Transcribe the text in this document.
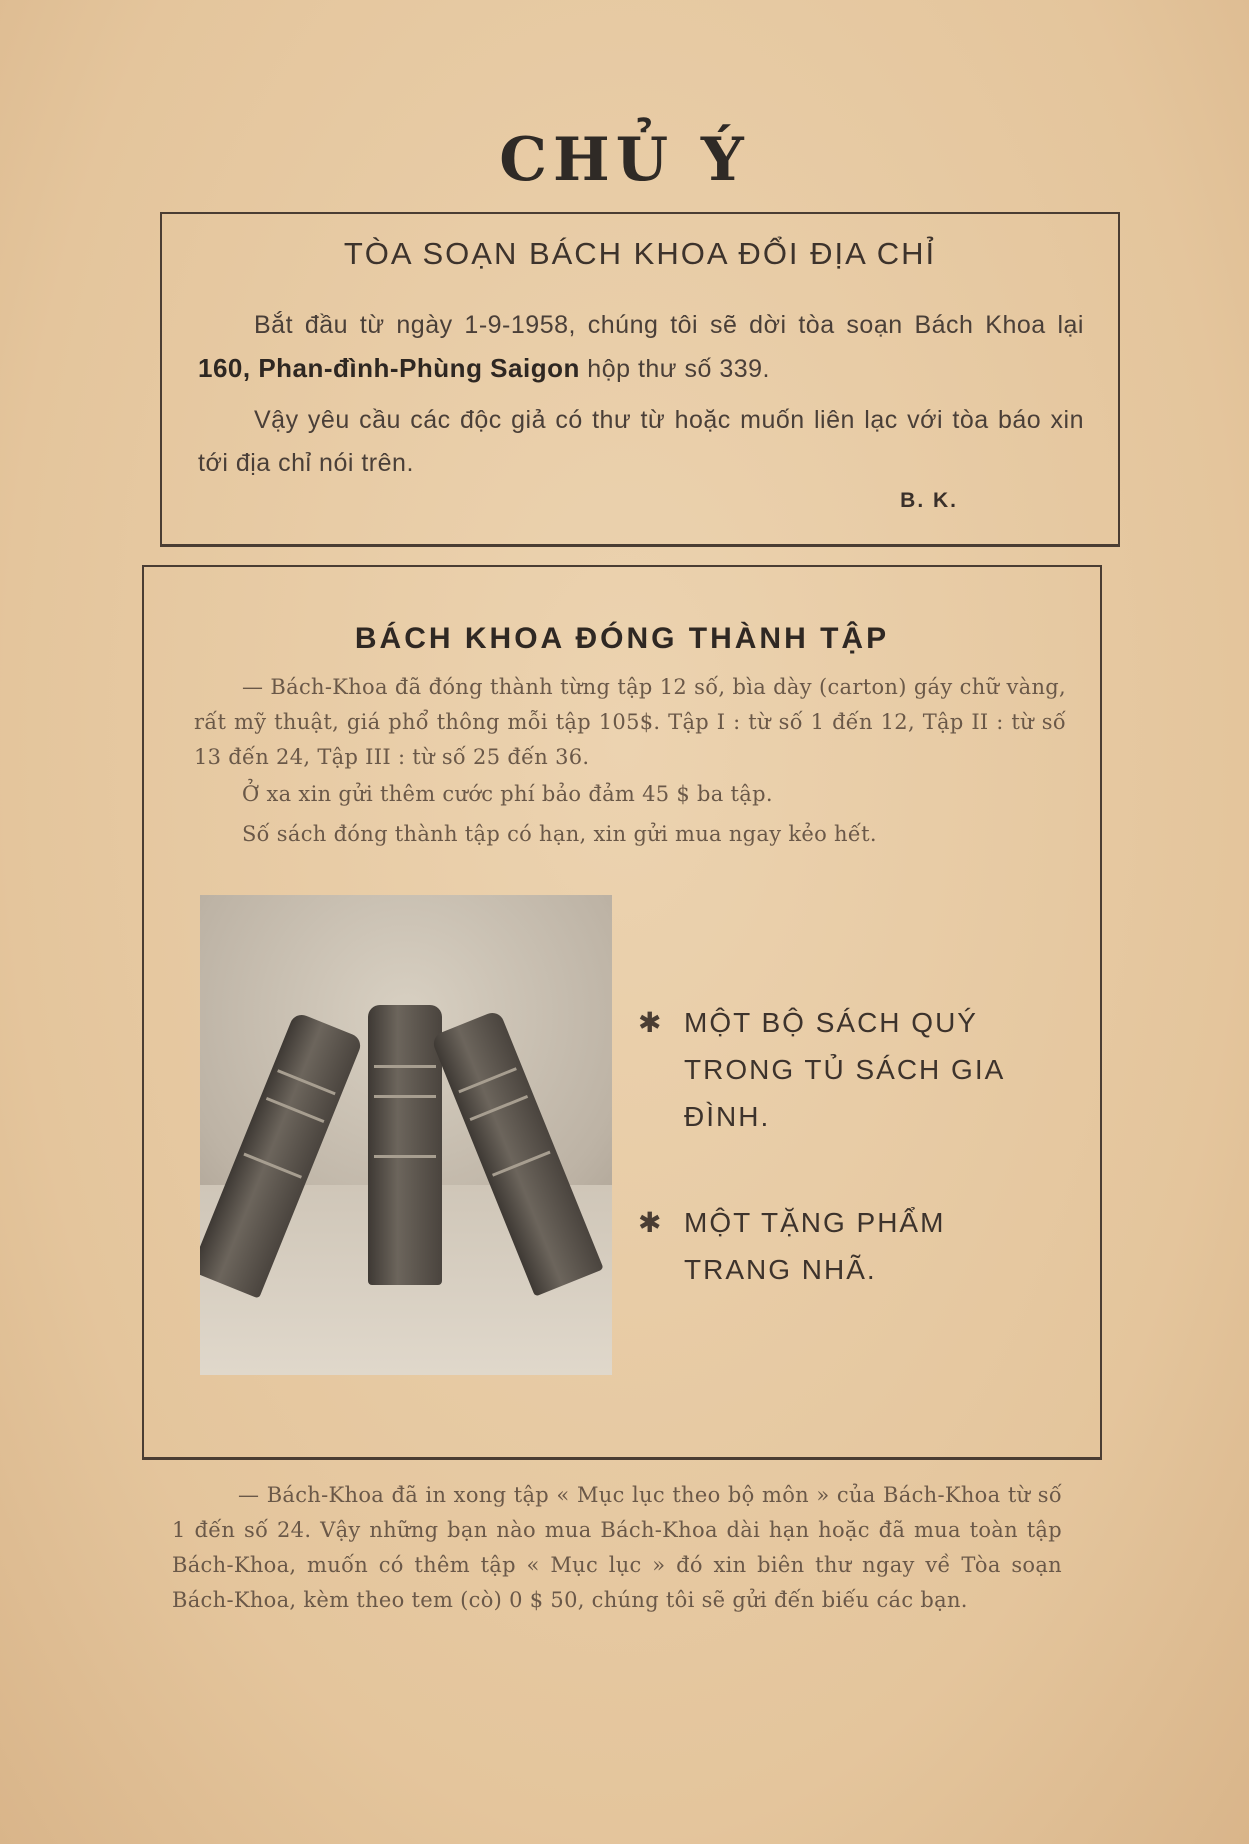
CHỦ Ý
TÒA SOẠN BÁCH KHOA ĐỔI ĐỊA CHỈ
Bắt đầu từ ngày 1-9-1958, chúng tôi sẽ dời tòa soạn Bách Khoa lại 160, Phan-đình-Phùng Saigon hộp thư số 339.
Vậy yêu cầu các độc giả có thư từ hoặc muốn liên lạc với tòa báo xin tới địa chỉ nói trên.
B. K.
BÁCH KHOA ĐÓNG THÀNH TẬP
— Bách-Khoa đã đóng thành từng tập 12 số, bìa dày (carton) gáy chữ vàng, rất mỹ thuật, giá phổ thông mỗi tập 105$. Tập I : từ số 1 đến 12, Tập II : từ số 13 đến 24, Tập III : từ số 25 đến 36.
Ở xa xin gửi thêm cước phí bảo đảm 45 $ ba tập.
Số sách đóng thành tập có hạn, xin gửi mua ngay kẻo hết.
✱ MỘT BỘ SÁCH QUÝ TRONG TỦ SÁCH GIA ĐÌNH.
✱ MỘT TẶNG PHẨM TRANG NHÃ.
— Bách-Khoa đã in xong tập « Mục lục theo bộ môn » của Bách-Khoa từ số 1 đến số 24. Vậy những bạn nào mua Bách-Khoa dài hạn hoặc đã mua toàn tập Bách-Khoa, muốn có thêm tập « Mục lục » đó xin biên thư ngay về Tòa soạn Bách-Khoa, kèm theo tem (cò) 0 $ 50, chúng tôi sẽ gửi đến biếu các bạn.
